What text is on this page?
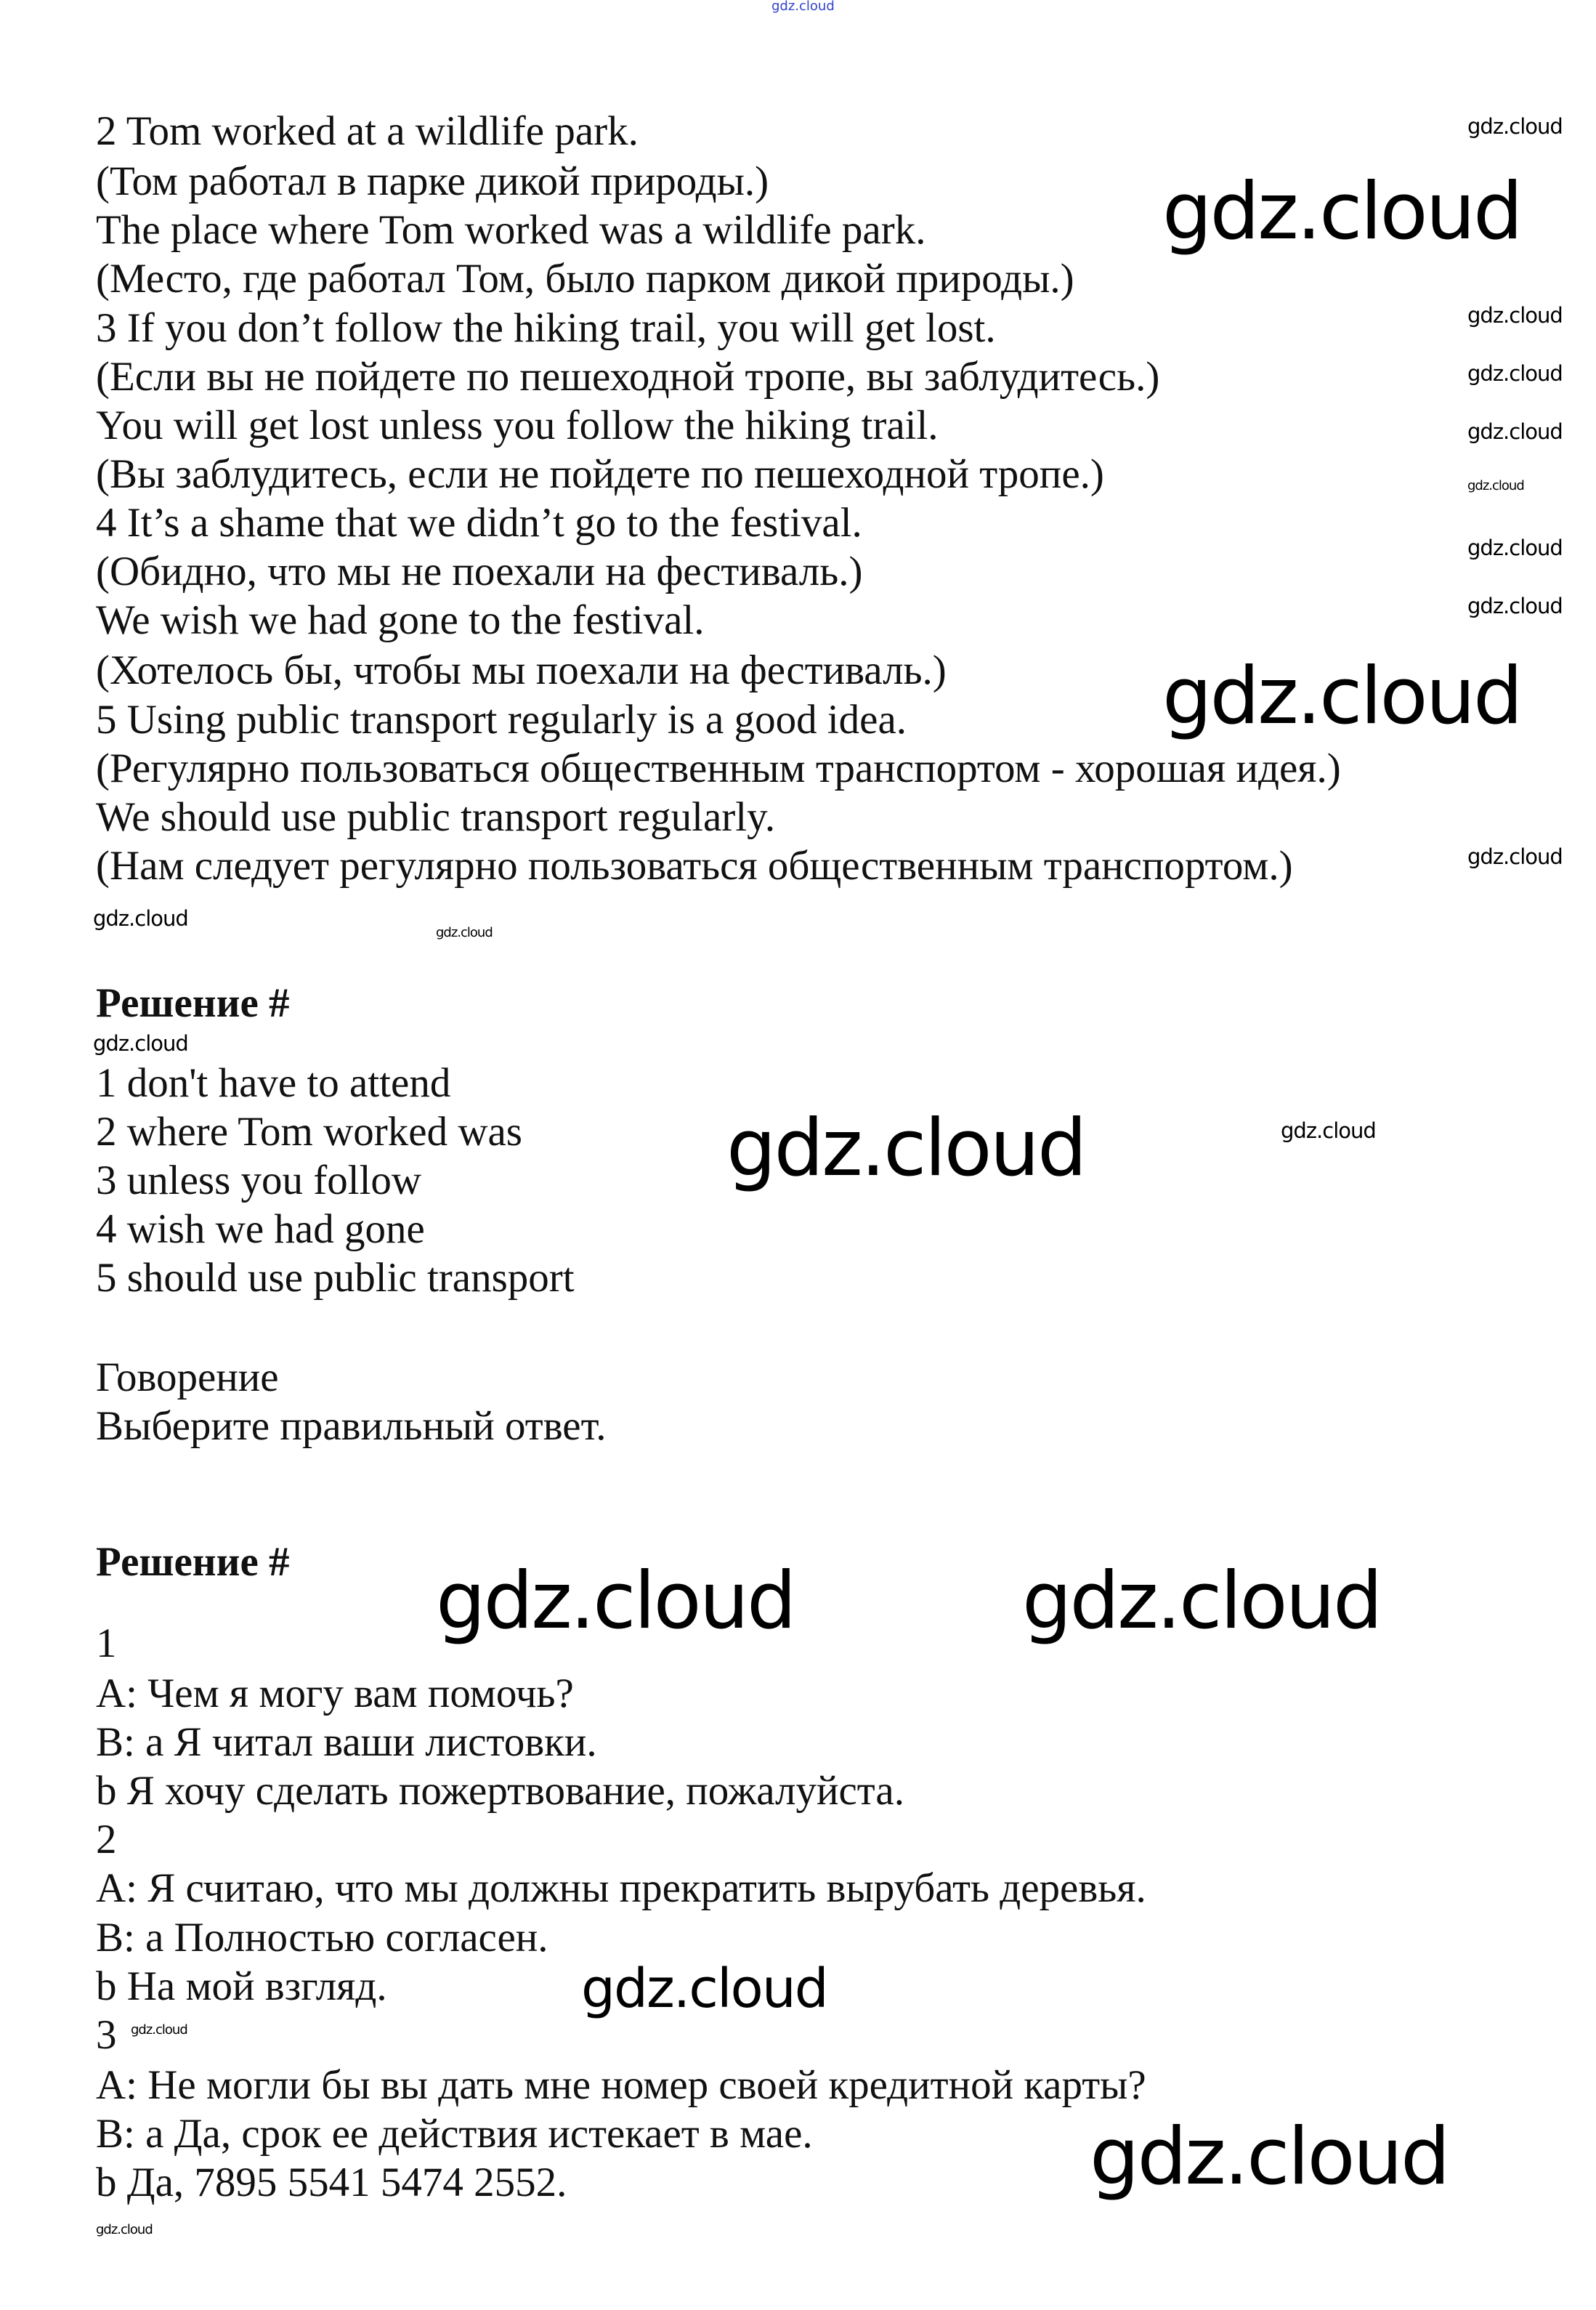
2 Tom worked at a wildlife park.
(Том работал в парке дикой природы.)
The place where Tom worked was a wildlife park.
(Место, где работал Том, было парком дикой природы.)
3 If you don’t follow the hiking trail, you will get lost.
(Если вы не пойдете по пешеходной тропе, вы заблудитесь.)
You will get lost unless you follow the hiking trail.
(Вы заблудитесь, если не пойдете по пешеходной тропе.)
4 It’s a shame that we didn’t go to the festival.
(Обидно, что мы не поехали на фестиваль.)
We wish we had gone to the festival.
(Хотелось бы, чтобы мы поехали на фестиваль.)
5 Using public transport regularly is a good idea.
(Регулярно пользоваться общественным транспортом - хорошая идея.)
We should use public transport regularly.
(Нам следует регулярно пользоваться общественным транспортом.)
Решение #
1 don't have to attend
2 where Tom worked was
3 unless you follow
4 wish we had gone
5 should use public transport
Говорение
Выберите правильный ответ.
Решение #
1
A: Чем я могу вам помочь?
B: a Я читал ваши листовки.
b Я хочу сделать пожертвование, пожалуйста.
2
A: Я считаю, что мы должны прекратить вырубать деревья.
B: a Полностью согласен.
b На мой взгляд.
3
A: Не могли бы вы дать мне номер своей кредитной карты?
B: a Да, срок ее действия истекает в мае.
b Да, 7895 5541 5474 2552.
gdz.cloud
gdz.cloud
gdz.cloud
gdz.cloud
gdz.cloud	gdz.cloud
gdz.cloud
gdz.cloud
gdz.cloud
gdz.cloud
gdz.cloud
gdz.cloud
gdz.cloud
gdz.cloud
gdz.cloud
gdz.cloud
gdz.cloud
gdz.cloud
gdz.cloud
gdz.cloud
gdz.cloud
gdz.cloud
